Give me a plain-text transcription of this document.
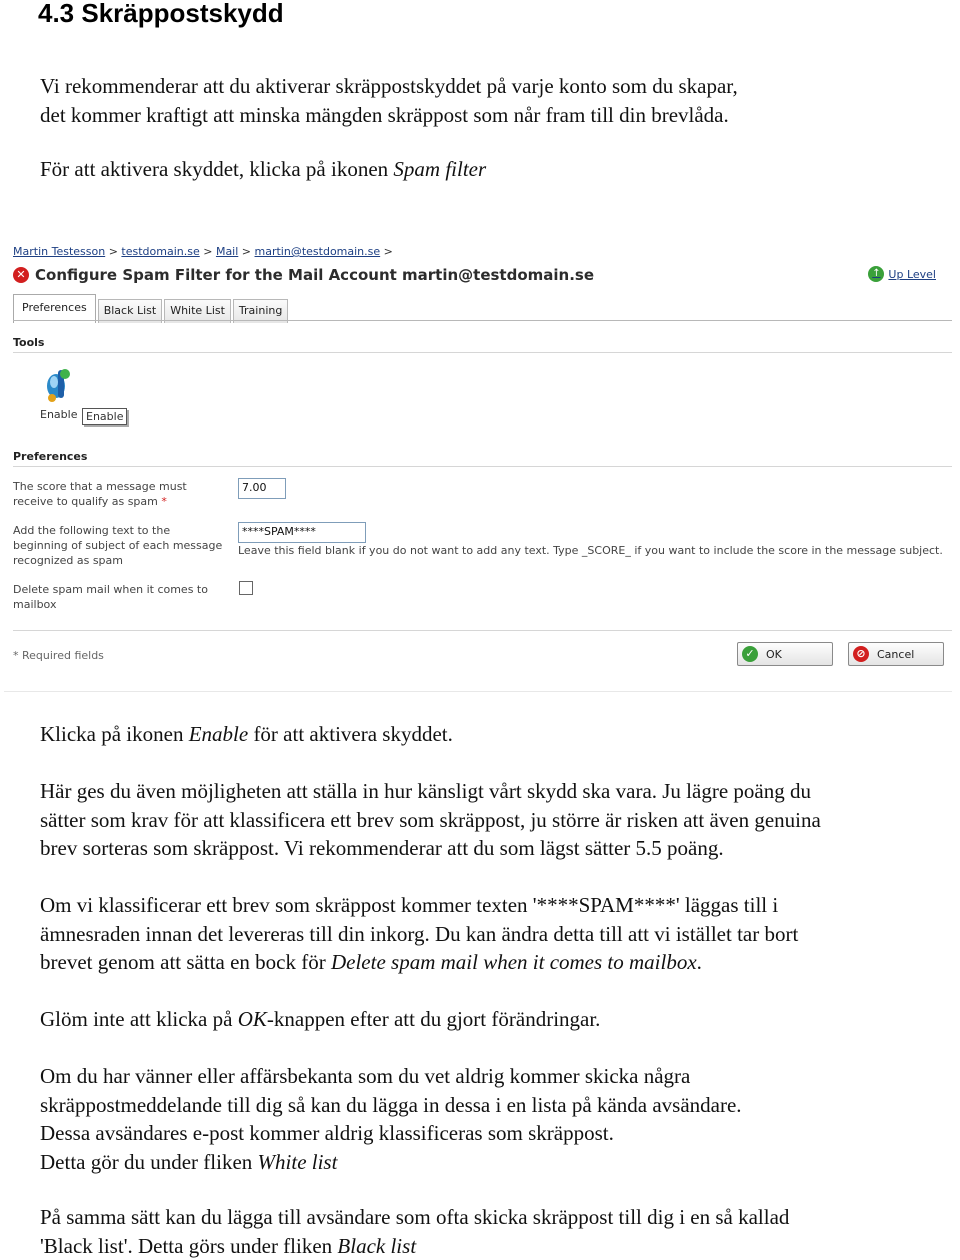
4.3 Skräppostskydd

Vi rekommenderar att du aktiverar skräppostskyddet på varje konto som du skapar,
det kommer kraftigt att minska mängden skräppost som når fram till din brevlåda.

För att aktivera skyddet, klicka på ikonen Spam filter

Martin Testesson > testdomain.se > Mail > martin@testdomain.se >
✕ Configure Spam Filter for the Mail Account martin@testdomain.se	↑ Up Level
Preferences	Black List	White List	Training
Tools
Enable Enable
Preferences
The score that a message must receive to qualify as spam *
7.00
Add the following text to the beginning of subject of each message recognized as spam
****SPAM****
Leave this field blank if you do not want to add any text. Type _SCORE_ if you want to include the score in the message subject.
Delete spam mail when it comes to mailbox
* Required fields	✓	OK	⊘	Cancel

Klicka på ikonen Enable för att aktivera skyddet.

Här ges du även möjligheten att ställa in hur känsligt vårt skydd ska vara. Ju lägre poäng du
sätter som krav för att klassificera ett brev som skräppost, ju större är risken att även genuina
brev sorteras som skräppost. Vi rekommenderar att du som lägst sätter 5.5 poäng.

Om vi klassificerar ett brev som skräppost kommer texten '****SPAM****' läggas till i
ämnesraden innan det levereras till din inkorg. Du kan ändra detta till att vi istället tar bort
brevet genom att sätta en bock för Delete spam mail when it comes to mailbox.

Glöm inte att klicka på OK-knappen efter att du gjort förändringar.

Om du har vänner eller affärsbekanta som du vet aldrig kommer skicka några
skräppostmeddelande till dig så kan du lägga in dessa i en lista på kända avsändare.
Dessa avsändares e-post kommer aldrig klassificeras som skräppost.
Detta gör du under fliken White list

På samma sätt kan du lägga till avsändare som ofta skicka skräppost till dig i en så kallad
'Black list'. Detta görs under fliken Black list
